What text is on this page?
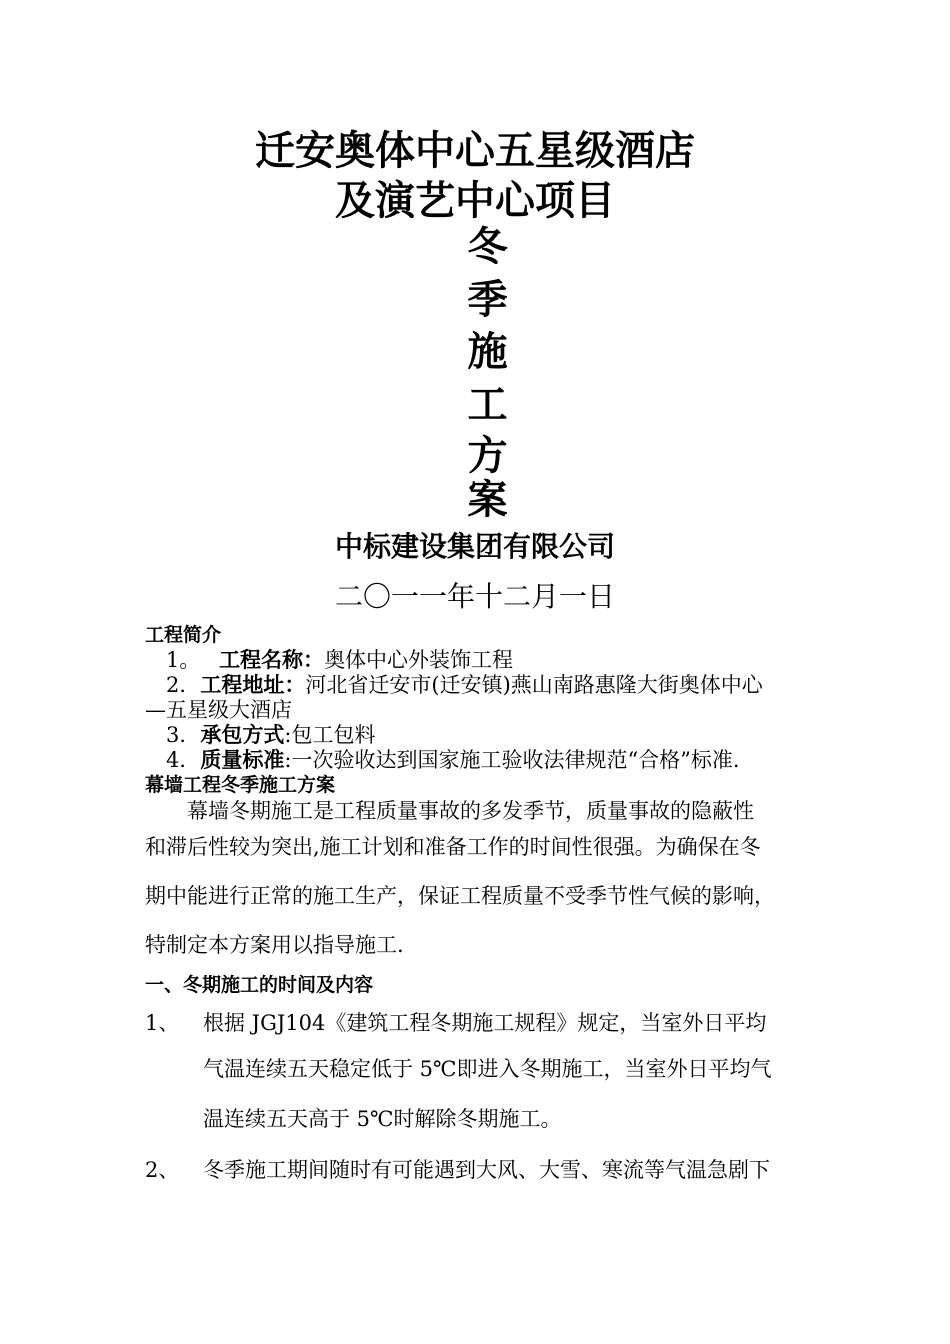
迁安奥体中心五星级酒店
及演艺中心项目
冬
季
施
工
方
案
中标建设集团有限公司
二〇一一年十二月一日
工程简介
1。 工程名称：奥体中心外装饰工程
2．工程地址：河北省迁安市(迁安镇)燕山南路惠隆大街奥体中心
—五星级大酒店
3．承包方式:包工包料
4．质量标准:一次验收达到国家施工验收法律规范“合格”标准.
幕墙工程冬季施工方案
幕墙冬期施工是工程质量事故的多发季节，质量事故的隐蔽性
和滞后性较为突出,施工计划和准备工作的时间性很强。为确保在冬
期中能进行正常的施工生产，保证工程质量不受季节性气候的影响，
特制定本方案用以指导施工.
一、冬期施工的时间及内容
1、 根据 JGJ104《建筑工程冬期施工规程》规定，当室外日平均
气温连续五天稳定低于 5℃即进入冬期施工，当室外日平均气
温连续五天高于 5℃时解除冬期施工。
2、 冬季施工期间随时有可能遇到大风、大雪、寒流等气温急剧下
